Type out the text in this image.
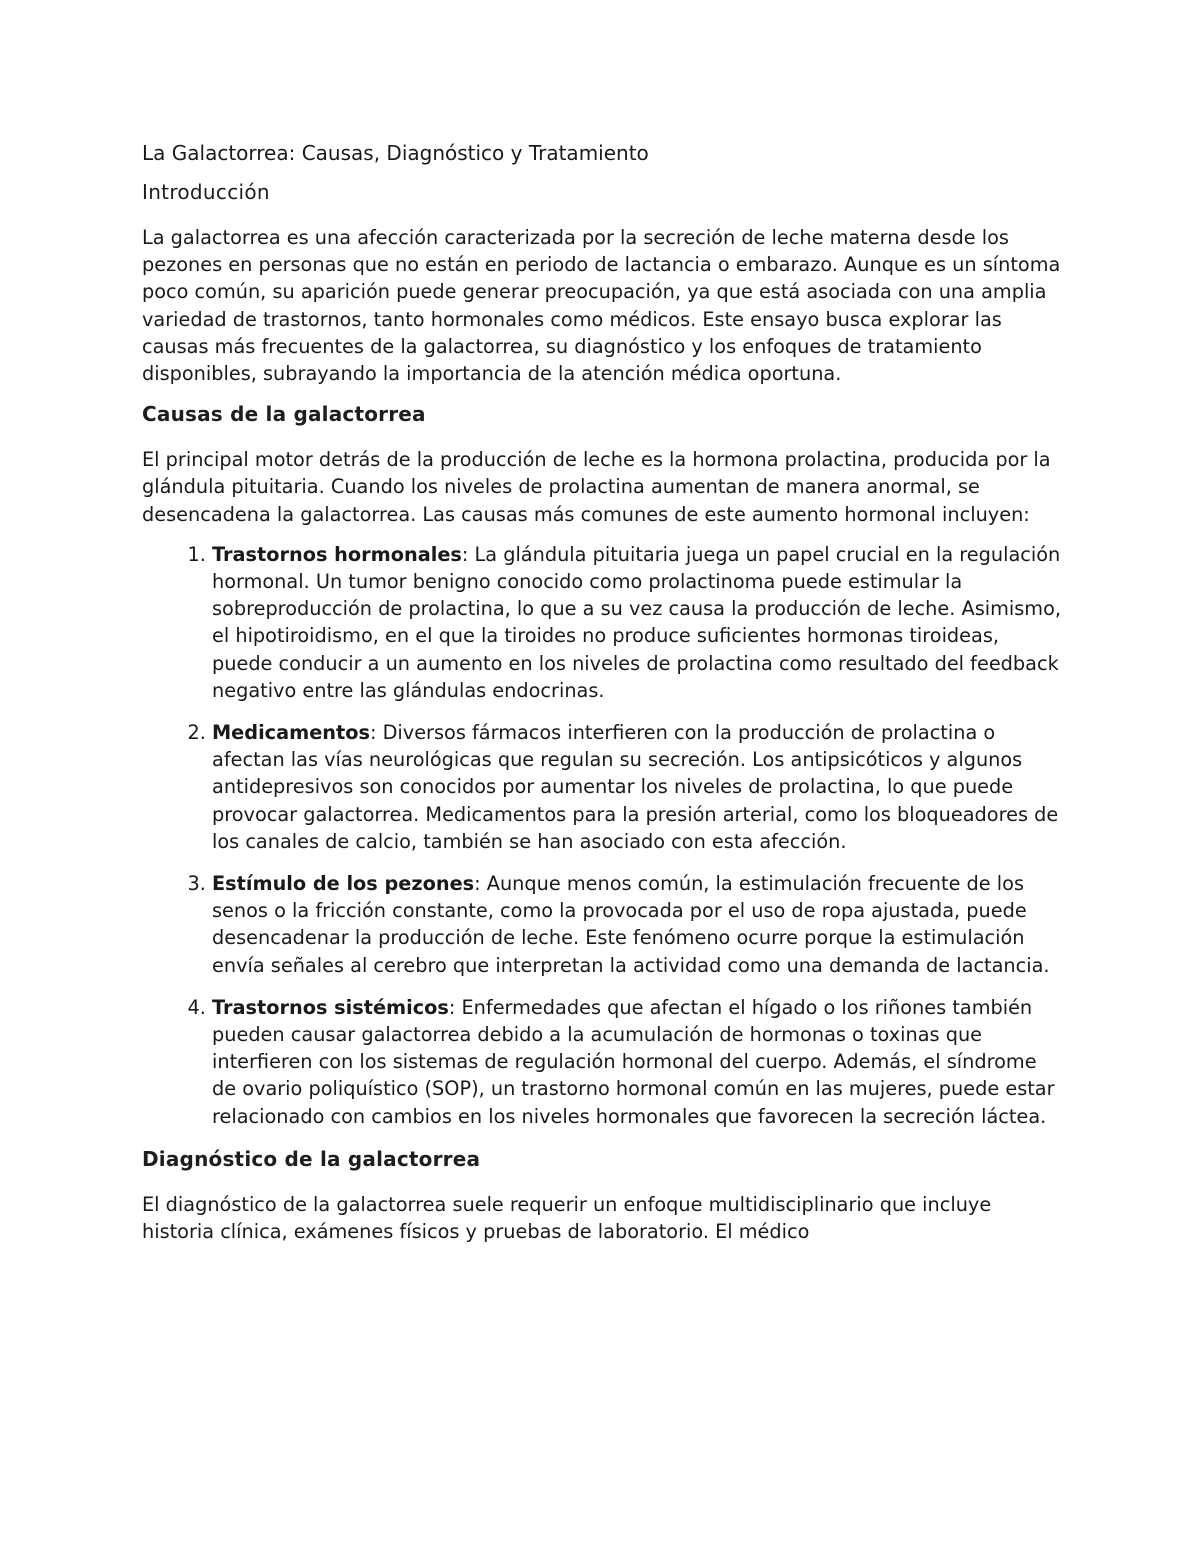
La Galactorrea: Causas, Diagnóstico y Tratamiento
Introducción

La galactorrea es una afección caracterizada por la secreción de leche materna desde los pezones en personas que no están en periodo de lactancia o embarazo. Aunque es un síntoma poco común, su aparición puede generar preocupación, ya que está asociada con una amplia variedad de trastornos, tanto hormonales como médicos. Este ensayo busca explorar las causas más frecuentes de la galactorrea, su diagnóstico y los enfoques de tratamiento disponibles, subrayando la importancia de la atención médica oportuna.

Causas de la galactorrea

El principal motor detrás de la producción de leche es la hormona prolactina, producida por la glándula pituitaria. Cuando los niveles de prolactina aumentan de manera anormal, se desencadena la galactorrea. Las causas más comunes de este aumento hormonal incluyen:

1. Trastornos hormonales: La glándula pituitaria juega un papel crucial en la regulación hormonal. Un tumor benigno conocido como prolactinoma puede estimular la sobreproducción de prolactina, lo que a su vez causa la producción de leche. Asimismo, el hipotiroidismo, en el que la tiroides no produce suficientes hormonas tiroideas, puede conducir a un aumento en los niveles de prolactina como resultado del feedback negativo entre las glándulas endocrinas.
2. Medicamentos: Diversos fármacos interfieren con la producción de prolactina o afectan las vías neurológicas que regulan su secreción. Los antipsicóticos y algunos antidepresivos son conocidos por aumentar los niveles de prolactina, lo que puede provocar galactorrea. Medicamentos para la presión arterial, como los bloqueadores de los canales de calcio, también se han asociado con esta afección.
3. Estímulo de los pezones: Aunque menos común, la estimulación frecuente de los senos o la fricción constante, como la provocada por el uso de ropa ajustada, puede desencadenar la producción de leche. Este fenómeno ocurre porque la estimulación envía señales al cerebro que interpretan la actividad como una demanda de lactancia.
4. Trastornos sistémicos: Enfermedades que afectan el hígado o los riñones también pueden causar galactorrea debido a la acumulación de hormonas o toxinas que interfieren con los sistemas de regulación hormonal del cuerpo. Además, el síndrome de ovario poliquístico (SOP), un trastorno hormonal común en las mujeres, puede estar relacionado con cambios en los niveles hormonales que favorecen la secreción láctea.
Diagnóstico de la galactorrea

El diagnóstico de la galactorrea suele requerir un enfoque multidisciplinario que incluye historia clínica, exámenes físicos y pruebas de laboratorio. El médico
